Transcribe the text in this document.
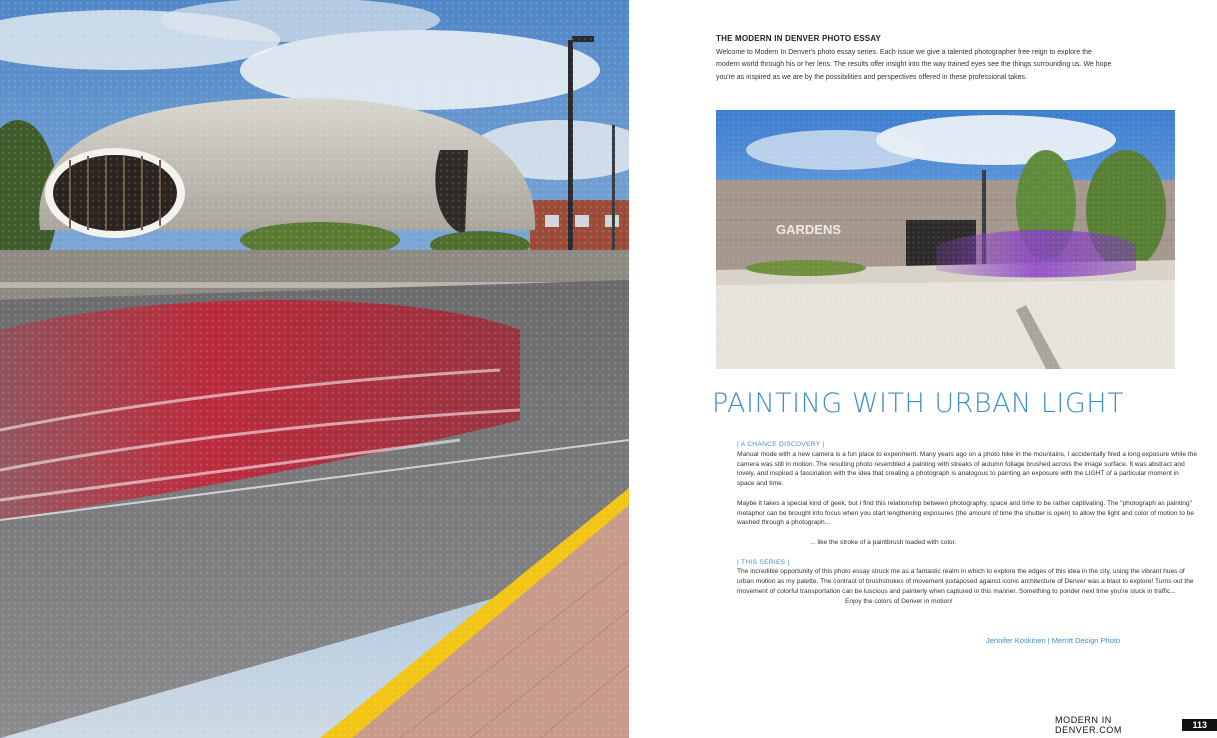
THE MODERN IN DENVER PHOTO ESSAY
Welcome to Modern In Denver's photo essay series. Each issue we give a talented photographer free reign to explore the modern world through his or her lens. The results offer insight into the way trained eyes see the things surrounding us. We hope you're as inspired as we are by the possibilities and perspectives offered in these professional takes.
PAINTING WITH URBAN LIGHT

| A CHANCE DISCOVERY |

Manual mode with a new camera is a fun place to experiment. Many years ago on a photo hike in the mountains, I accidentally fired a long exposure while the camera was still in motion. The resulting photo resembled a painting with streaks of autumn foliage brushed across the image surface. It was abstract and lovely, and inspired a fascination with the idea that creating a photograph is analogous to painting an exposure with the LIGHT of a particular moment in space and time.

Maybe it takes a special kind of geek, but I find this relationship between photography, space and time to be rather captivating. The "photograph as painting" metaphor can be brought into focus when you start lengthening exposures (the amount of time the shutter is open) to allow the light and color of motion to be washed through a photograph...

... like the stroke of a paintbrush loaded with color.

| THIS SERIES |

The incredible opportunity of this photo essay struck me as a fantastic realm in which to explore the edges of this idea in the city, using the vibrant hues of urban motion as my palette. The contrast of brushstrokes of movement juxtaposed against iconic architecture of Denver was a blast to explore! Turns out the movement of colorful transportation can be luscious and painterly when captured in this manner. Something to ponder next time you're stuck in traffic...

Enjoy the colors of Denver in motion!

Jennifer Koskinen | Merritt Design Photo
MODERN IN DENVER.COM	113
